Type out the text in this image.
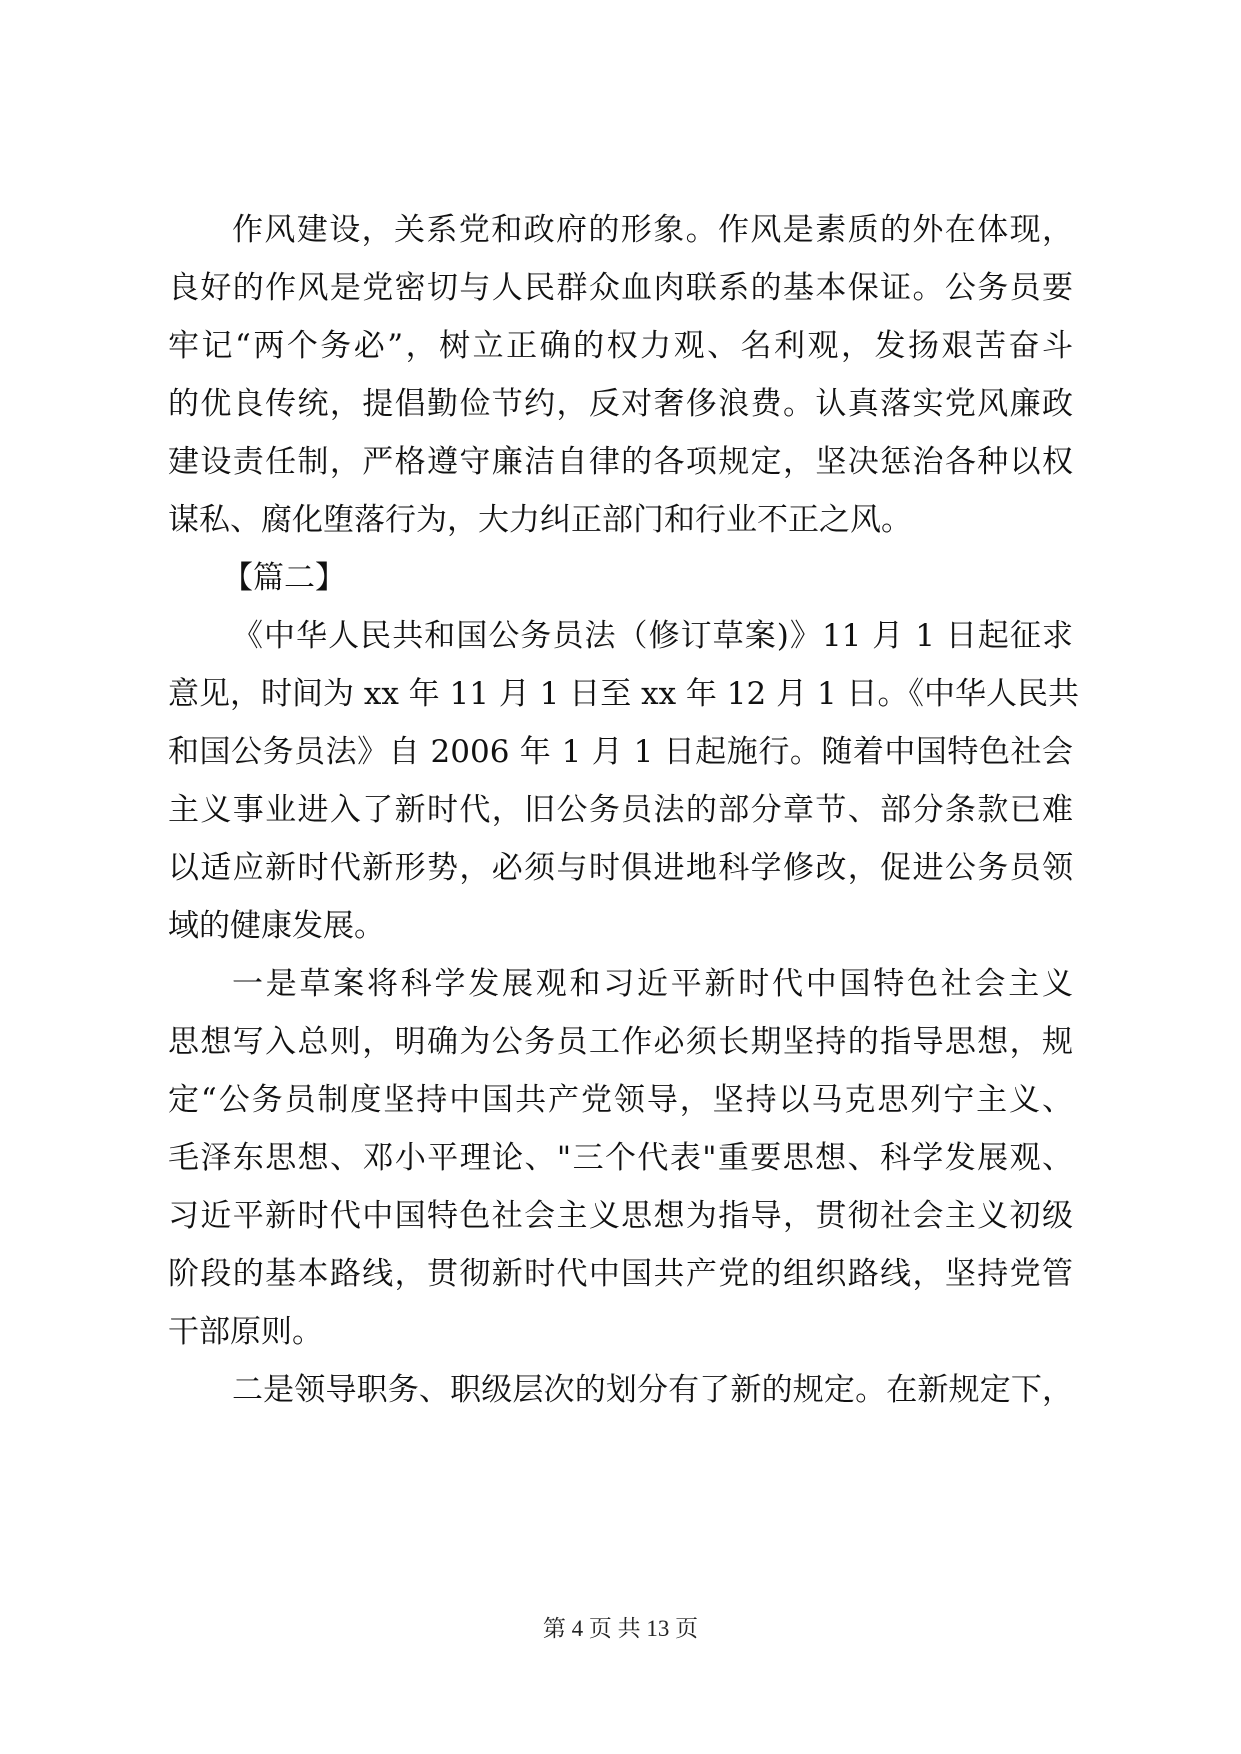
作风建设，关系党和政府的形象。作风是素质的外在体现，
良好的作风是党密切与人民群众血肉联系的基本保证。公务员要
牢记“两个务必”，树立正确的权力观、名利观，发扬艰苦奋斗
的优良传统，提倡勤俭节约，反对奢侈浪费。认真落实党风廉政
建设责任制，严格遵守廉洁自律的各项规定，坚决惩治各种以权
谋私、腐化堕落行为，大力纠正部门和行业不正之风。
【篇二】
《中华人民共和国公务员法（修订草案)》11 月 1 日起征求
意见，时间为 xx 年 11 月 1 日至 xx 年 12 月 1 日。《中华人民共
和国公务员法》自 2006 年 1 月 1 日起施行。随着中国特色社会
主义事业进入了新时代，旧公务员法的部分章节、部分条款已难
以适应新时代新形势，必须与时俱进地科学修改，促进公务员领
域的健康发展。
一是草案将科学发展观和习近平新时代中国特色社会主义
思想写入总则，明确为公务员工作必须长期坚持的指导思想，规
定“公务员制度坚持中国共产党领导，坚持以马克思列宁主义、
毛泽东思想、邓小平理论、"三个代表"重要思想、科学发展观、
习近平新时代中国特色社会主义思想为指导，贯彻社会主义初级
阶段的基本路线，贯彻新时代中国共产党的组织路线，坚持党管
干部原则。
二是领导职务、职级层次的划分有了新的规定。在新规定下，
第 4 页 共 13 页
